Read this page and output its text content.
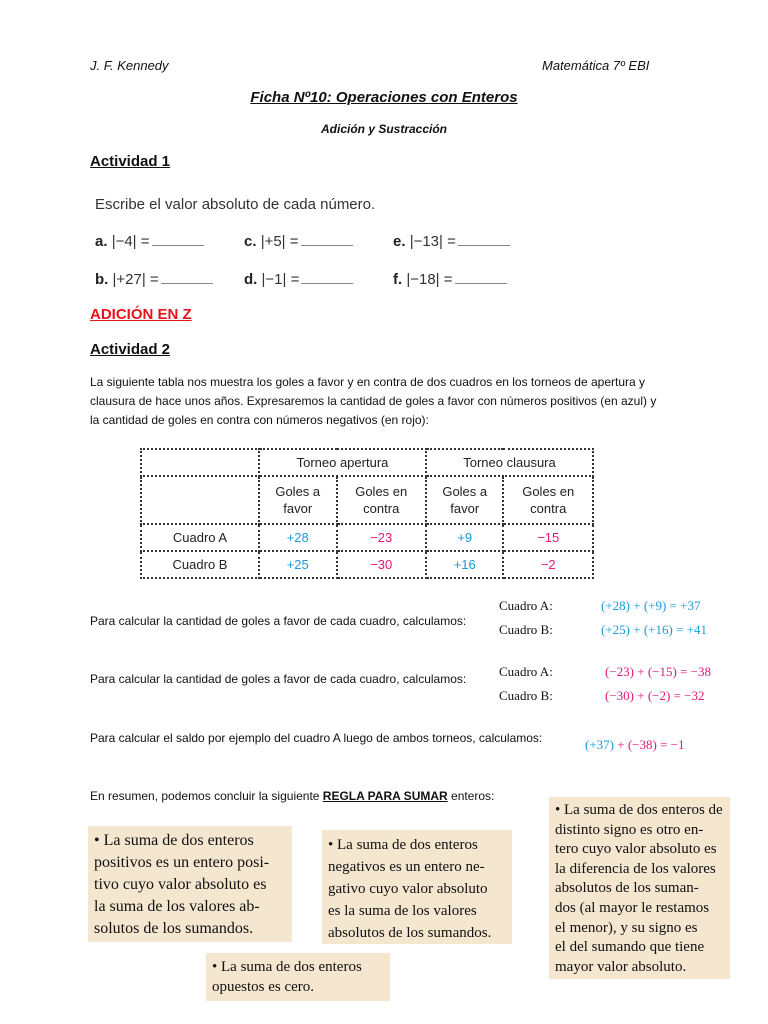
J. F. Kennedy	Matemática 7º EBI
Ficha Nº10: Operaciones con Enteros
Adición y Sustracción
Actividad 1
Escribe el valor absoluto de cada número.
a. |−4| =	c. |+5| =	e. |−13| =
b. |+27| =	d. |−1| =	f. |−18| =
ADICIÓN EN Z
Actividad 2
La siguiente tabla nos muestra los goles a favor y en contra de dos cuadros en los torneos de apertura y
clausura de hace unos años. Expresaremos la cantidad de goles a favor con números positivos (en azul) y
la cantidad de goles en contra con números negativos (en rojo):
	Torneo apertura		Torneo clausura	
	Goles a
favor	Goles en
contra	Goles a
favor	Goles en
contra
Cuadro A	+28	−23	+9	−15
Cuadro B	+25	−30	+16	−2
Para calcular la cantidad de goles a favor de cada cuadro, calculamos:
Cuadro A:	(+28) + (+9) = +37
Cuadro B:	(+25) + (+16) = +41
Para calcular la cantidad de goles a favor de cada cuadro, calculamos:	Cuadro A:	(−23) + (−15) = −38
Cuadro B:	(−30) + (−2) = −32
Para calcular el saldo por ejemplo del cuadro A luego de ambos torneos, calculamos:	(+37) + (−38) = −1
En resumen, podemos concluir la siguiente REGLA PARA SUMAR enteros:
• La suma de dos enteros
positivos es un entero posi-
tivo cuyo valor absoluto es
la suma de los valores ab-
solutos de los sumandos.
• La suma de dos enteros
negativos es un entero ne-
gativo cuyo valor absoluto
es la suma de los valores
absolutos de los sumandos.
• La suma de dos enteros de
distinto signo es otro en-
tero cuyo valor absoluto es
la diferencia de los valores
absolutos de los suman-
dos (al mayor le restamos
el menor), y su signo es
el del sumando que tiene
mayor valor absoluto.
• La suma de dos enteros
opuestos es cero.
